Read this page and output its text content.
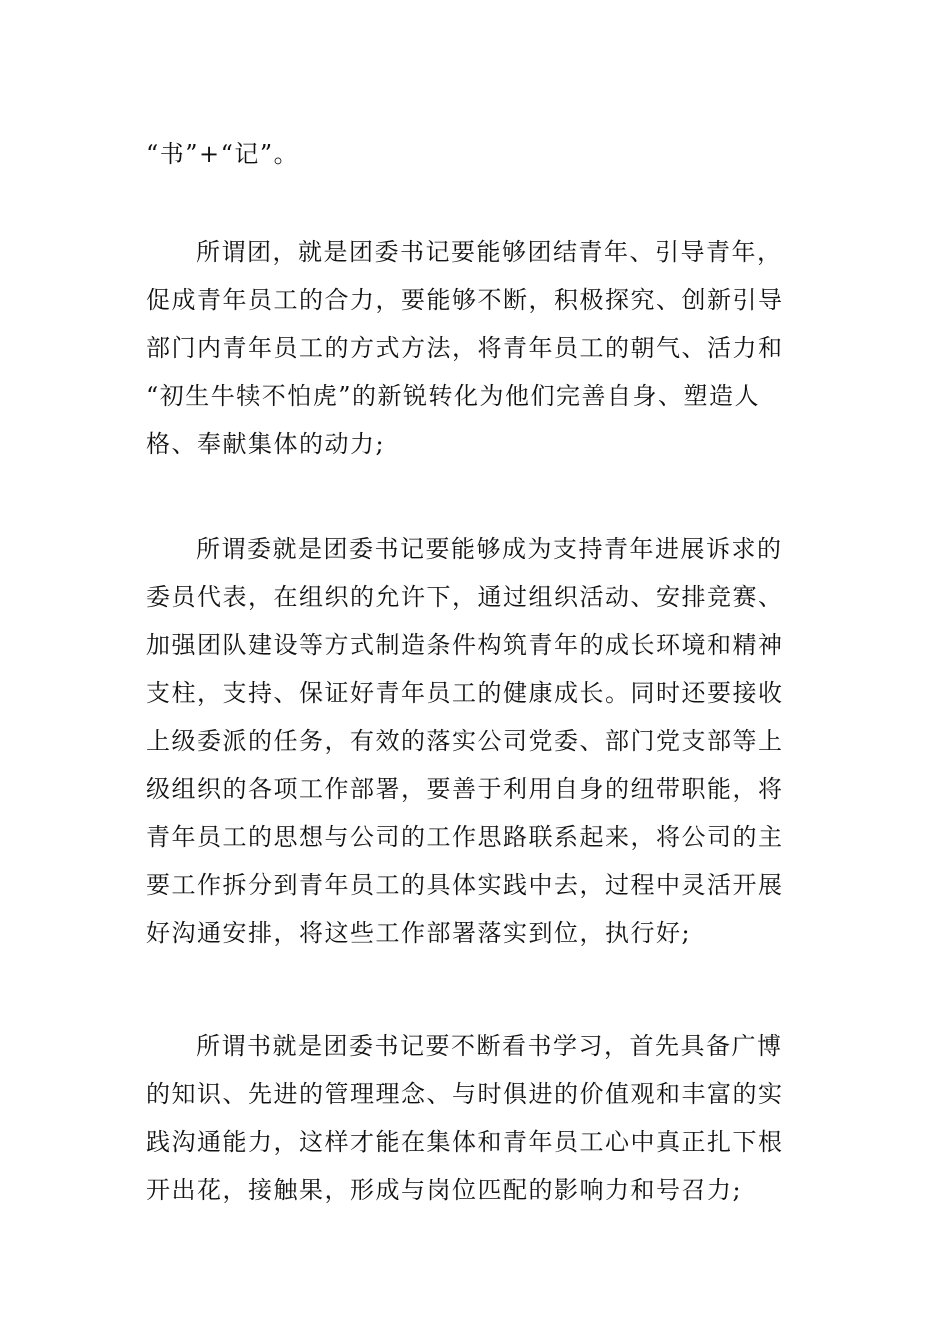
“书”+“记”。
所谓团，就是团委书记要能够团结青年、引导青年，
促成青年员工的合力，要能够不断，积极探究、创新引导
部门内青年员工的方式方法，将青年员工的朝气、活力和
“初生牛犊不怕虎”的新锐转化为他们完善自身、塑造人
格、奉献集体的动力;
所谓委就是团委书记要能够成为支持青年进展诉求的
委员代表，在组织的允许下，通过组织活动、安排竞赛、
加强团队建设等方式制造条件构筑青年的成长环境和精神
支柱，支持、保证好青年员工的健康成长。同时还要接收
上级委派的任务，有效的落实公司党委、部门党支部等上
级组织的各项工作部署，要善于利用自身的纽带职能，将
青年员工的思想与公司的工作思路联系起来，将公司的主
要工作拆分到青年员工的具体实践中去，过程中灵活开展
好沟通安排，将这些工作部署落实到位，执行好;
所谓书就是团委书记要不断看书学习，首先具备广博
的知识、先进的管理理念、与时俱进的价值观和丰富的实
践沟通能力，这样才能在集体和青年员工心中真正扎下根
开出花，接触果，形成与岗位匹配的影响力和号召力;
